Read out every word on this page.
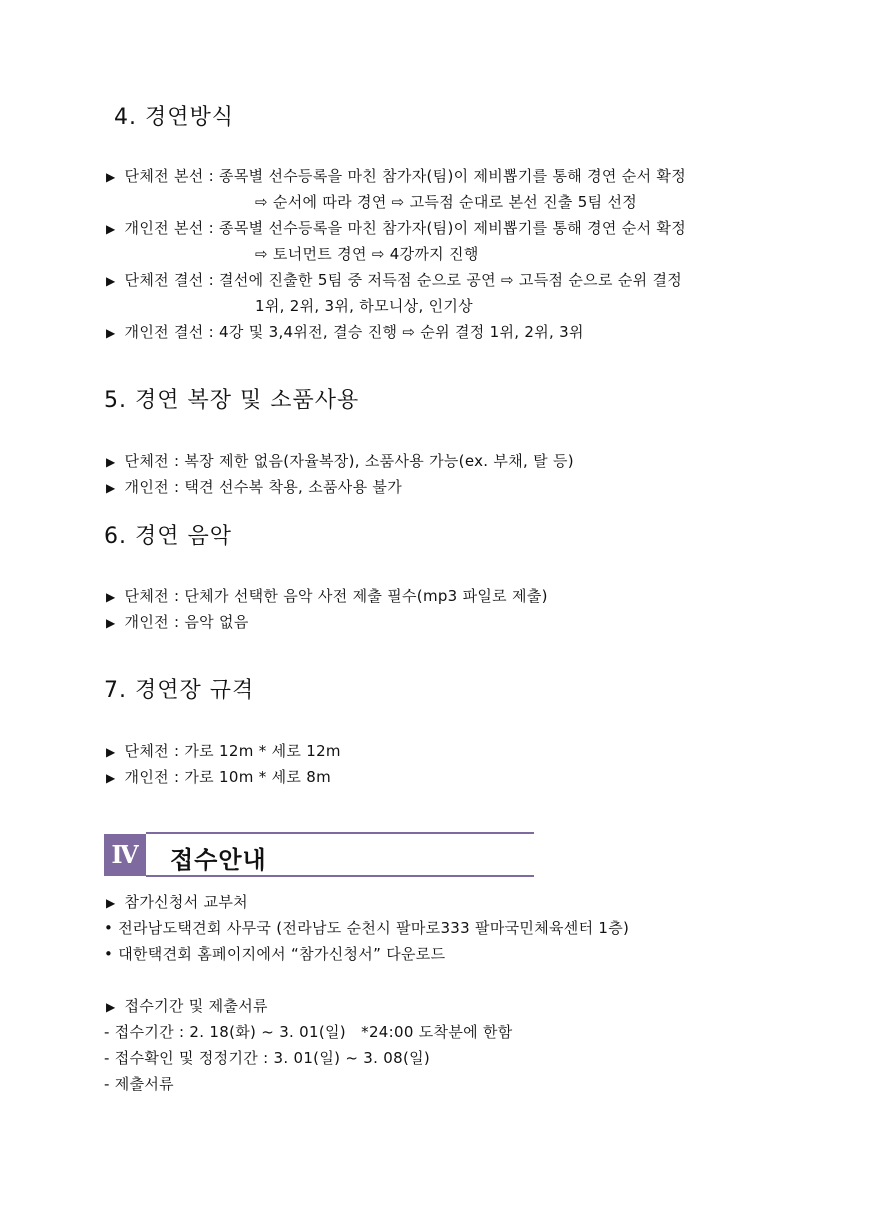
4. 경연방식
▶ 단체전 본선 : 종목별 선수등록을 마친 참가자(팀)이 제비뽑기를 통해 경연 순서 확정
⇨ 순서에 따라 경연 ⇨ 고득점 순대로 본선 진출 5팀 선정
▶ 개인전 본선 : 종목별 선수등록을 마친 참가자(팀)이 제비뽑기를 통해 경연 순서 확정
⇨ 토너먼트 경연 ⇨ 4강까지 진행
▶ 단체전 결선 : 결선에 진출한 5팀 중 저득점 순으로 공연 ⇨ 고득점 순으로 순위 결정
1위, 2위, 3위, 하모니상, 인기상
▶ 개인전 결선 : 4강 및 3,4위전, 결승 진행 ⇨ 순위 결정 1위, 2위, 3위
5. 경연 복장 및 소품사용
▶ 단체전 : 복장 제한 없음(자율복장), 소품사용 가능(ex. 부채, 탈 등)
▶ 개인전 : 택견 선수복 착용, 소품사용 불가
6. 경연 음악
▶ 단체전 : 단체가 선택한 음악 사전 제출 필수(mp3 파일로 제출)
▶ 개인전 : 음악 없음
7. 경연장 규격
▶ 단체전 : 가로 12m * 세로 12m
▶ 개인전 : 가로 10m * 세로 8m
Ⅳ	접수안내
▶ 참가신청서 교부처
• 전라남도택견회 사무국 (전라남도 순천시 팔마로333 팔마국민체육센터 1층)
• 대한택견회 홈페이지에서 “참가신청서” 다운로드
▶ 접수기간 및 제출서류
- 접수기간 : 2. 18(화) ~ 3. 01(일)   *24:00 도착분에 한함
- 접수확인 및 정정기간 : 3. 01(일) ~ 3. 08(일)
- 제출서류
